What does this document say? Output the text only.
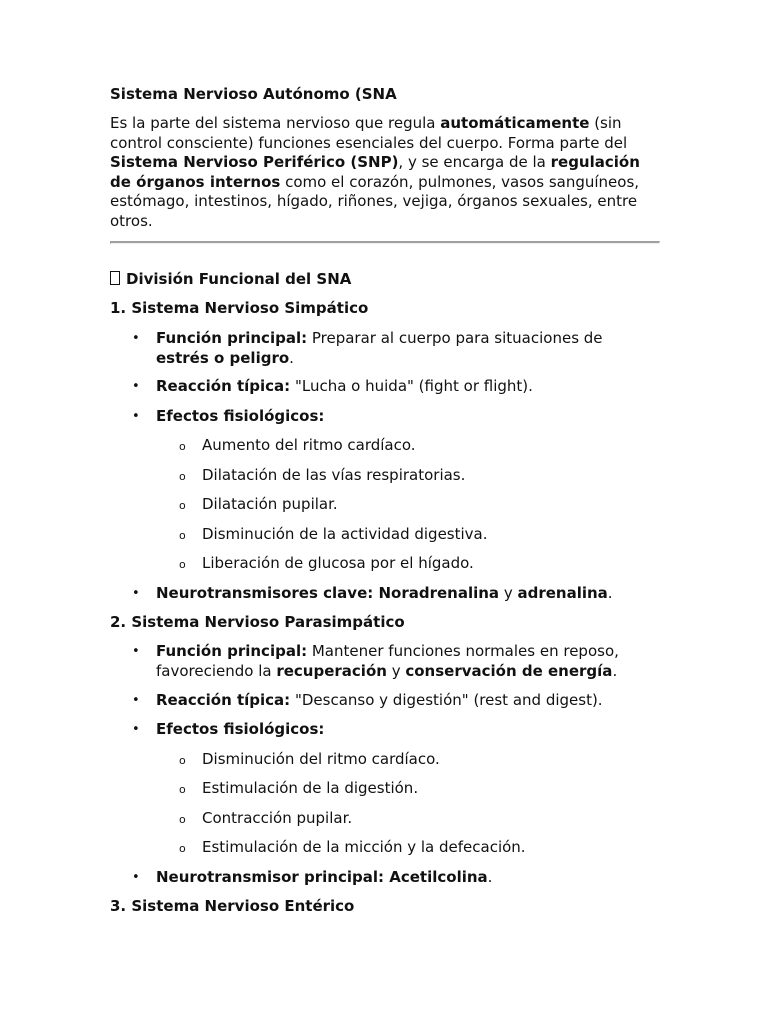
Sistema Nervioso Autónomo (SNA

Es la parte del sistema nervioso que regula automáticamente (sin control consciente) funciones esenciales del cuerpo. Forma parte del Sistema Nervioso Periférico (SNP), y se encarga de la regulación de órganos internos como el corazón, pulmones, vasos sanguíneos, estómago, intestinos, hígado, riñones, vejiga, órganos sexuales, entre otros.

División Funcional del SNA

1. Sistema Nervioso Simpático

• Función principal: Preparar al cuerpo para situaciones de estrés o peligro.

• Reacción típica: "Lucha o huida" (fight or flight).

• Efectos fisiológicos:

o Aumento del ritmo cardíaco.

o Dilatación de las vías respiratorias.

o Dilatación pupilar.

o Disminución de la actividad digestiva.

o Liberación de glucosa por el hígado.

• Neurotransmisores clave: Noradrenalina y adrenalina.

2. Sistema Nervioso Parasimpático

• Función principal: Mantener funciones normales en reposo, favoreciendo la recuperación y conservación de energía.

• Reacción típica: "Descanso y digestión" (rest and digest).

• Efectos fisiológicos:

o Disminución del ritmo cardíaco.

o Estimulación de la digestión.

o Contracción pupilar.

o Estimulación de la micción y la defecación.

• Neurotransmisor principal: Acetilcolina.

3. Sistema Nervioso Entérico
